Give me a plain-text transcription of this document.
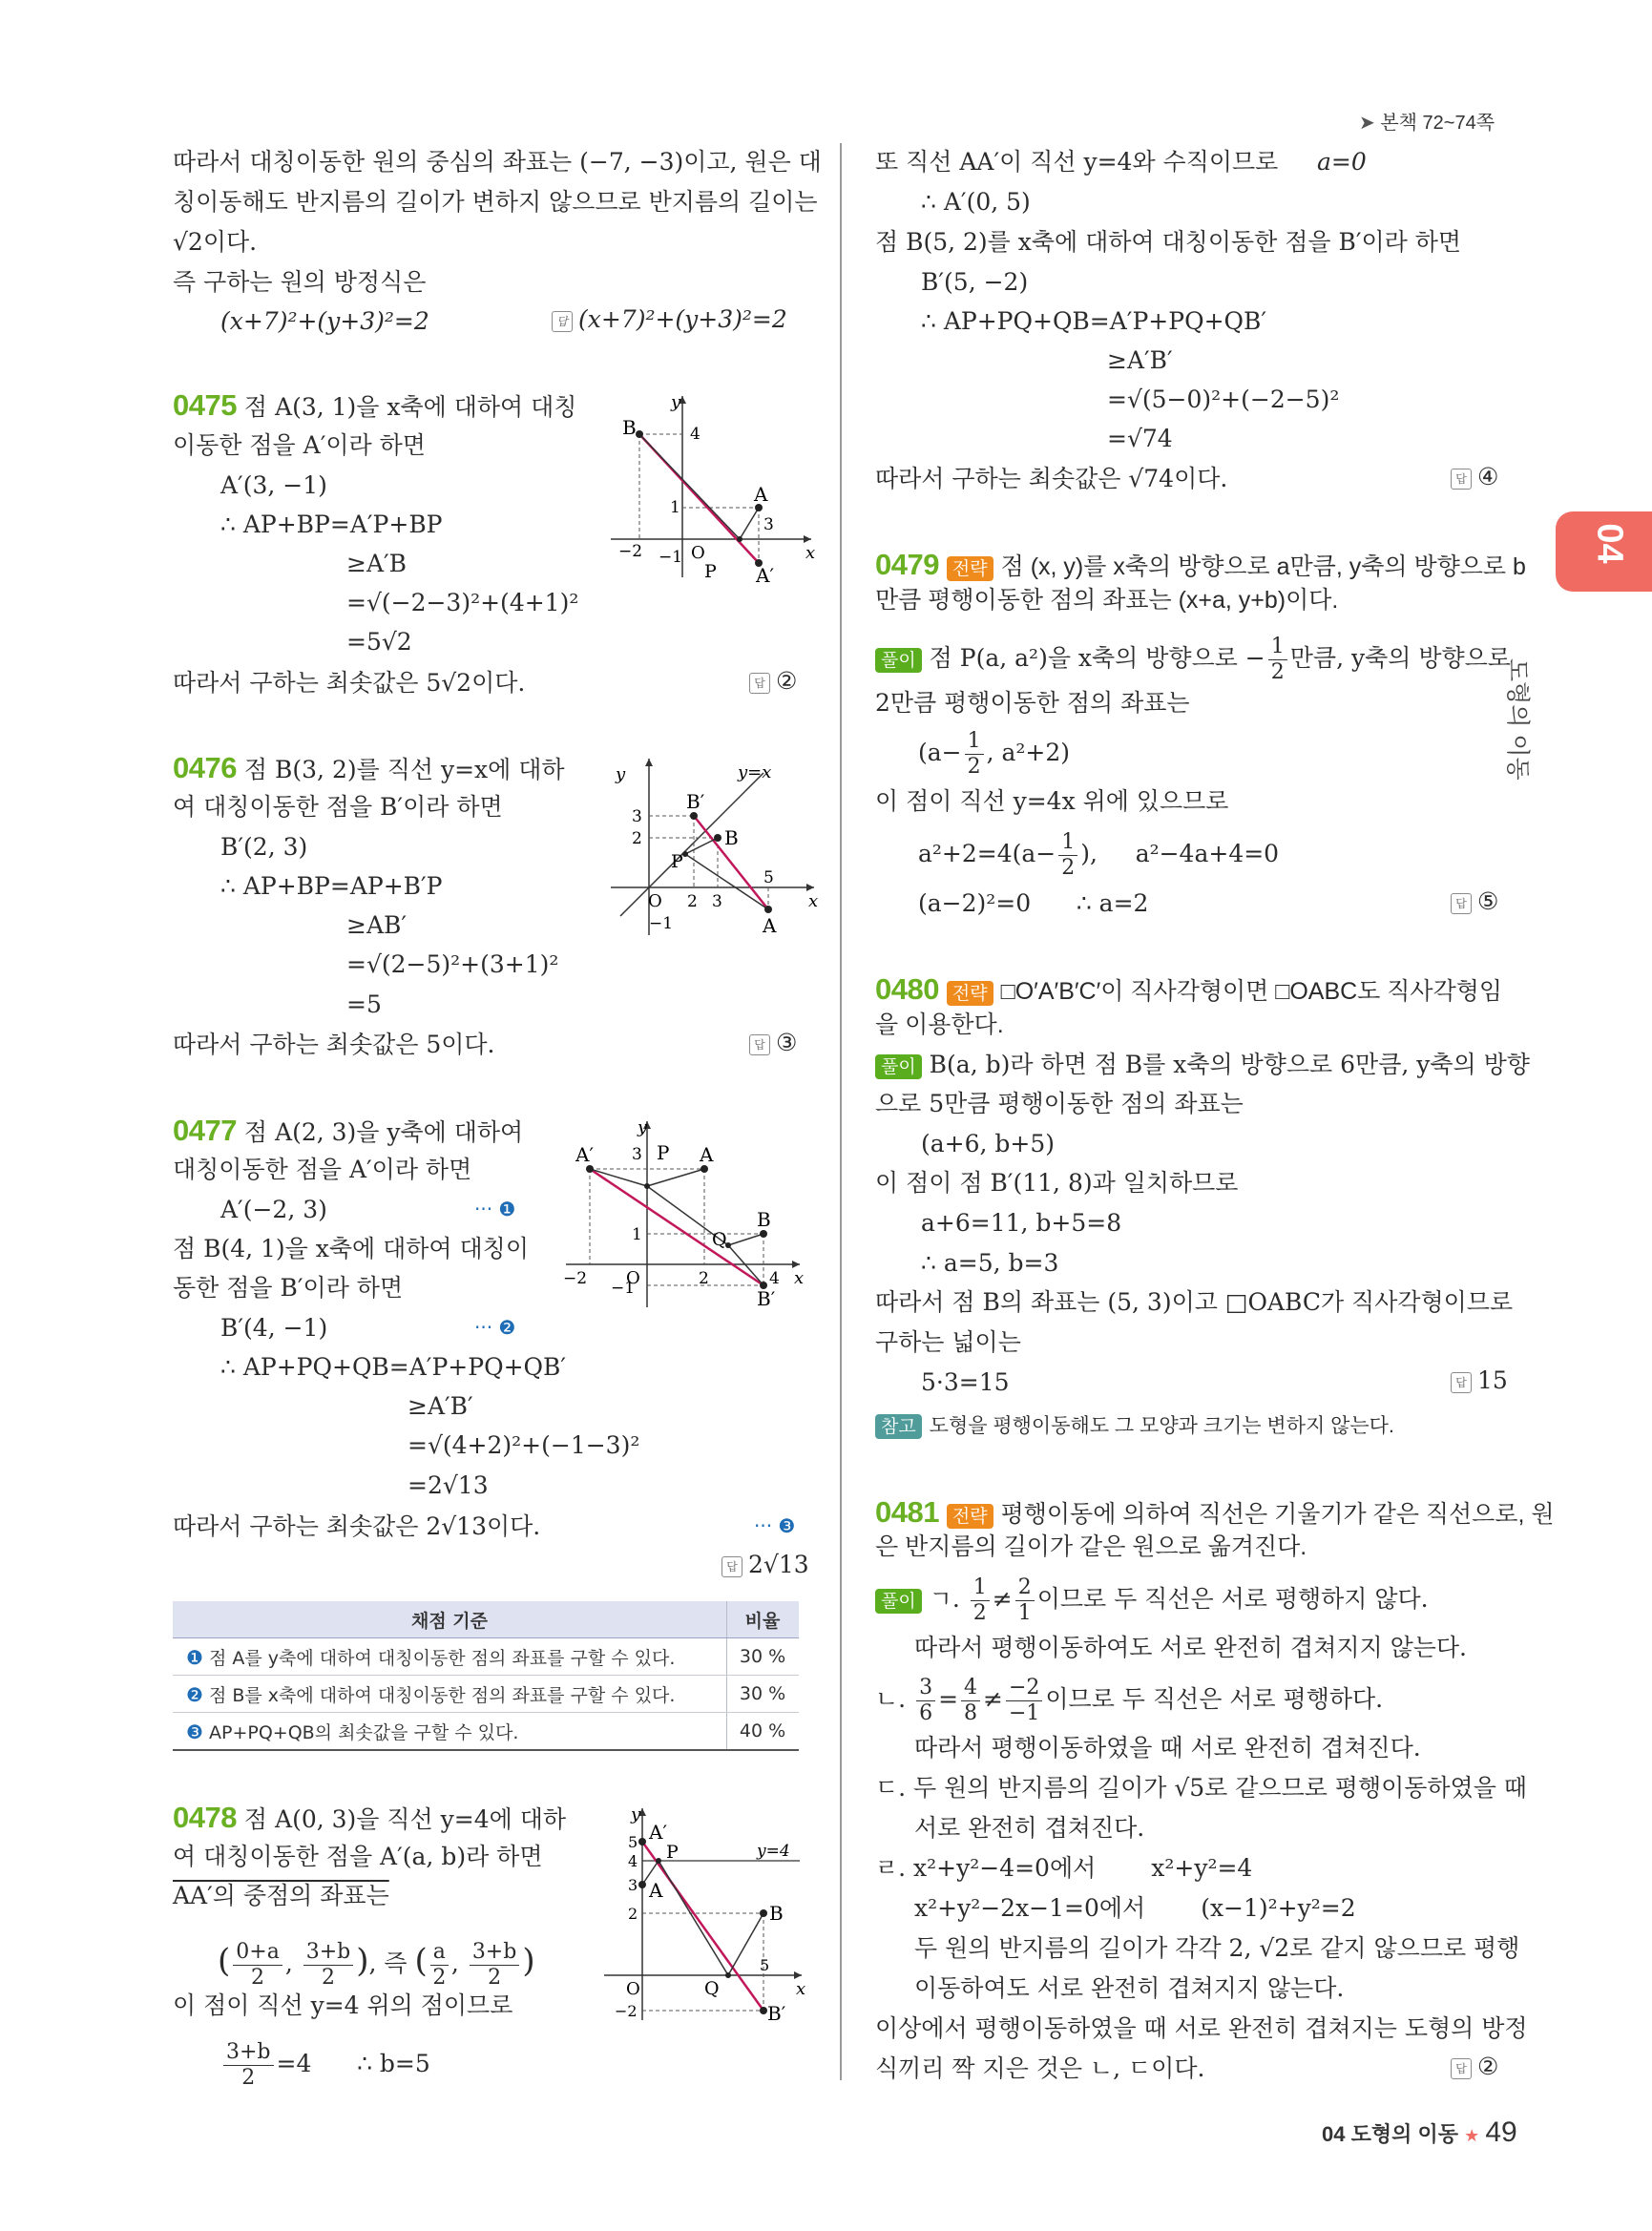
➤ 본책 72~74쪽
04
도형의 이동
따라서 대칭이동한 원의 중심의 좌표는 (−7, −3)이고, 원은 대
칭이동해도 반지름의 길이가 변하지 않으므로 반지름의 길이는
√2이다.
즉 구하는 원의 방정식은
(x+7)²+(y+3)²=2	답 (x+7)²+(y+3)²=2
0475 점 A(3, 1)을 x축에 대하여 대칭
이동한 점을 A′이라 하면
A′(3, −1)
∴ AP+BP=A′P+BP
≥A′B
=√(−2−3)²+(4+1)²
=5√2
따라서 구하는 최솟값은 5√2이다.	답 ②
B
A
A′
P
O
y
x
4
1
3
−2 −1
0476 점 B(3, 2)를 직선 y=x에 대하
여 대칭이동한 점을 B′이라 하면
B′(2, 3)
∴ AP+BP=AP+B′P
≥AB′
=√(2−5)²+(3+1)²
=5
따라서 구하는 최솟값은 5이다.	답 ③
y
x
y=x
B′
B
P
A
O
3
2
5
−1
2 3
0477 점 A(2, 3)을 y축에 대하여
대칭이동한 점을 A′이라 하면
A′(−2, 3)	··· ❶
점 B(4, 1)을 x축에 대하여 대칭이
동한 점을 B′이라 하면
B′(4, −1)	··· ❷
∴ AP+PQ+QB=A′P+PQ+QB′
≥A′B′
=√(4+2)²+(−1−3)²
=2√13
따라서 구하는 최솟값은 2√13이다.	··· ❸
답 2√13
y
x
A′	P A
B
Q
B′
O
3
1
−1
−2	2	4
채점 기준	비율
❶ 점 A를 y축에 대하여 대칭이동한 점의 좌표를 구할 수 있다.	30 %
❷ 점 B를 x축에 대하여 대칭이동한 점의 좌표를 구할 수 있다.	30 %
❸ AP+PQ+QB의 최솟값을 구할 수 있다.	40 %
0478 점 A(0, 3)을 직선 y=4에 대하
여 대칭이동한 점을 A′(a, b)라 하면
AA′의 중점의 좌표는
( $\frac{0+a}{2}$ , $\frac{3+b}{2}$ ), 즉 ( $\frac{a}{2}$ , $\frac{3+b}{2}$ )
이 점이 직선 y=4 위의 점이므로
$\frac{3+b}{2} =4$ ∴ b=5
y
x
A′
P
A
B
Q
B′
O
y=4
5
4
3
2
−2
5
또 직선 AA′이 직선 y=4와 수직이므로 a=0
∴ A′(0, 5)
점 B(5, 2)를 x축에 대하여 대칭이동한 점을 B′이라 하면
B′(5, −2)
∴ AP+PQ+QB=A′P+PQ+QB′
≥A′B′
=√(5−0)²+(−2−5)²
=√74
따라서 구하는 최솟값은 √74이다.	답 ④
0479 전략 점 (x, y)를 x축의 방향으로 a만큼, y축의 방향으로 b
만큼 평행이동한 점의 좌표는 (x+a, y+b)이다.
풀이 점 P(a, a²)을 x축의 방향으로 − $\frac{1}{2}$ 만큼, y축의 방향으로
2만큼 평행이동한 점의 좌표는
($a- \frac{1}{2}$ , a²+2)
이 점이 직선 y=4x 위에 있으므로
$a^2+2=4(a- \frac{1}{2}$ ), a²−4a+4=0
(a−2)²=0 ∴ a=2	답 ⑤
0480 전략 □O′A′B′C′이 직사각형이면 □OABC도 직사각형임
을 이용한다.
풀이 B(a, b)라 하면 점 B를 x축의 방향으로 6만큼, y축의 방향
으로 5만큼 평행이동한 점의 좌표는
(a+6, b+5)
이 점이 점 B′(11, 8)과 일치하므로
a+6=11, b+5=8
∴ a=5, b=3
따라서 점 B의 좌표는 (5, 3)이고 □OABC가 직사각형이므로
구하는 넓이는
5·3=15	답 15
참고 도형을 평행이동해도 그 모양과 크기는 변하지 않는다.
0481 전략 평행이동에 의하여 직선은 기울기가 같은 직선으로, 원
은 반지름의 길이가 같은 원으로 옮겨진다.
풀이 ㄱ. $\frac{1}{2} \ne \frac{2}{1}$ 이므로 두 직선은 서로 평행하지 않다.
따라서 평행이동하여도 서로 완전히 겹쳐지지 않는다.
ㄴ. $\frac{3}{6} = \frac{4}{8} \ne \frac{-2}{-1}$ 이므로 두 직선은 서로 평행하다.
따라서 평행이동하였을 때 서로 완전히 겹쳐진다.
ㄷ. 두 원의 반지름의 길이가 √5로 같으므로 평행이동하였을 때
서로 완전히 겹쳐진다.
ㄹ. x²+y²−4=0에서 x²+y²=4
x²+y²−2x−1=0에서 (x−1)²+y²=2
두 원의 반지름의 길이가 각각 2, √2로 같지 않으므로 평행
이동하여도 서로 완전히 겹쳐지지 않는다.
이상에서 평행이동하였을 때 서로 완전히 겹쳐지는 도형의 방정
식끼리 짝 지은 것은 ㄴ, ㄷ이다.	답 ②
04 도형의 이동 ★ 49
